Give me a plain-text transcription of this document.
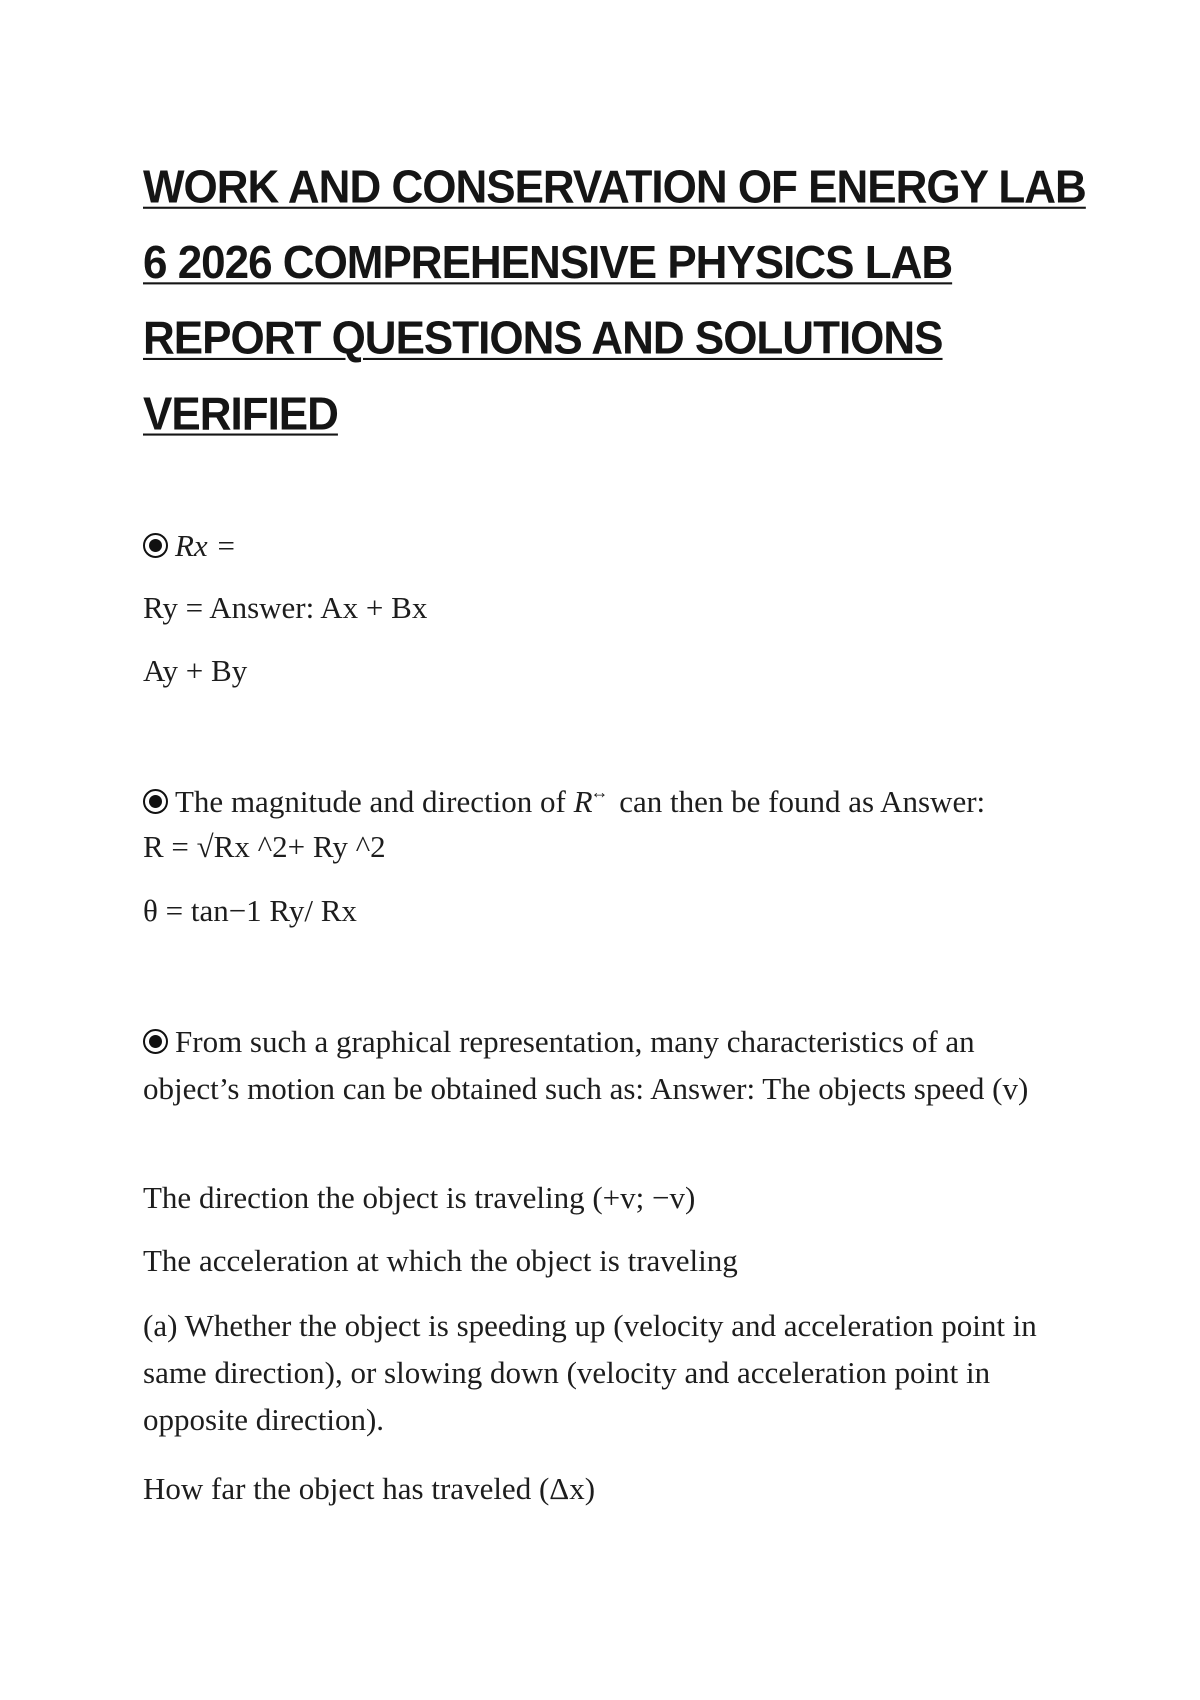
WORK AND CONSERVATION OF ENERGY LAB 6 2026 COMPREHENSIVE PHYSICS LAB REPORT QUESTIONS AND SOLUTIONS VERIFIED
Rx =
Ry = Answer: Ax + Bx
Ay + By
The magnitude and direction of R↔ can then be found as Answer:
R = √Rx ^2+ Ry ^2
θ = tan−1 Ry/ Rx
From such a graphical representation, many characteristics of an object’s motion can be obtained such as: Answer: The objects speed (v)
The direction the object is traveling (+v; −v)
The acceleration at which the object is traveling
(a) Whether the object is speeding up (velocity and acceleration point in same direction), or slowing down (velocity and acceleration point in opposite direction).
How far the object has traveled (Δx)
